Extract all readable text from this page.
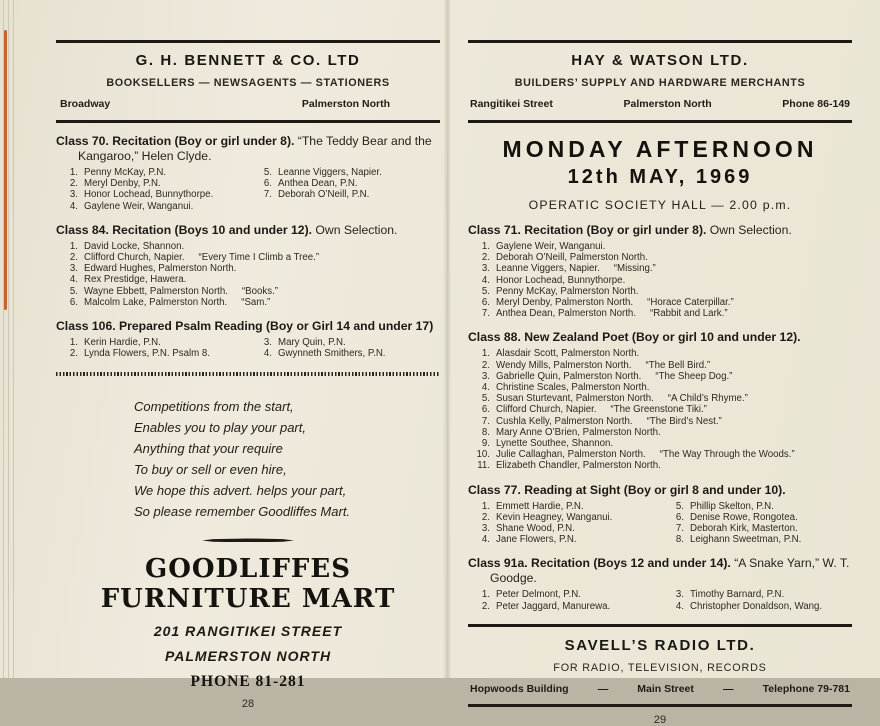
G. H. BENNETT & CO. LTD
BOOKSELLERS — NEWSAGENTS — STATIONERS
Broadway	Palmerston North
Class 70. Recitation (Boy or girl under 8). “The Teddy Bear and the Kangaroo,” Helen Clyde.
1. Penny McKay, P.N.
2. Meryl Denby, P.N.
3. Honor Lochead, Bunnythorpe.
4. Gaylene Weir, Wanganui.
5. Leanne Viggers, Napier.
6. Anthea Dean, P.N.
7. Deborah O’Neill, P.N.
Class 84. Recitation (Boys 10 and under 12). Own Selection.
1. David Locke, Shannon.
2. Clifford Church, Napier. “Every Time I Climb a Tree.”
3. Edward Hughes, Palmerston North.
4. Rex Prestidge, Hawera.
5. Wayne Ebbett, Palmerston North. “Books.”
6. Malcolm Lake, Palmerston North. “Sam.”
Class 106. Prepared Psalm Reading (Boy or Girl 14 and under 17)
1. Kerin Hardie, P.N.
2. Lynda Flowers, P.N. Psalm 8.
3. Mary Quin, P.N.
4. Gwynneth Smithers, P.N.
Competitions from the start,
Enables you to play your part,
Anything that your require
To buy or sell or even hire,
We hope this advert. helps your part,
So please remember Goodliffes Mart.
GOODLIFFES FURNITURE MART
201 RANGITIKEI STREET
PALMERSTON NORTH
PHONE 81-281
28
HAY & WATSON LTD.
BUILDERS’ SUPPLY AND HARDWARE MERCHANTS
Rangitikei Street	Palmerston North	Phone 86-149
MONDAY AFTERNOON
12th MAY, 1969
OPERATIC SOCIETY HALL — 2.00 p.m.
Class 71. Recitation (Boy or girl under 8). Own Selection.
1. Gaylene Weir, Wanganui.
2. Deborah O’Neill, Palmerston North.
3. Leanne Viggers, Napier. “Missing.”
4. Honor Lochead, Bunnythorpe.
5. Penny McKay, Palmerston North.
6. Meryl Denby, Palmerston North. “Horace Caterpillar.”
7. Anthea Dean, Palmerston North. “Rabbit and Lark.”
Class 88. New Zealand Poet (Boy or girl 10 and under 12).
1. Alasdair Scott, Palmerston North.
2. Wendy Mills, Palmerston North. “The Bell Bird.”
3. Gabrielle Quin, Palmerston North. “The Sheep Dog.”
4. Christine Scales, Palmerston North.
5. Susan Sturtevant, Palmerston North. “A Child’s Rhyme.”
6. Clifford Church, Napier. “The Greenstone Tiki.”
7. Cushla Kelly, Palmerston North. “The Bird’s Nest.”
8. Mary Anne O’Brien, Palmerston North.
9. Lynette Southee, Shannon.
10. Julie Callaghan, Palmerston North. “The Way Through the Woods.”
11. Elizabeth Chandler, Palmerston North.
Class 77. Reading at Sight (Boy or girl 8 and under 10).
1. Emmett Hardie, P.N.
2. Kevin Heagney, Wanganui.
3. Shane Wood, P.N.
4. Jane Flowers, P.N.
5. Phillip Skelton, P.N.
6. Denise Rowe, Rongotea.
7. Deborah Kirk, Masterton.
8. Leighann Sweetman, P.N.
Class 91a. Recitation (Boys 12 and under 14). “A Snake Yarn,” W. T. Goodge.
1. Peter Delmont, P.N.
2. Peter Jaggard, Manurewa.
3. Timothy Barnard, P.N.
4. Christopher Donaldson, Wang.
SAVELL’S RADIO LTD.
FOR RADIO, TELEVISION, RECORDS
Hopwoods Building	—	Main Street	—	Telephone 79-781
29
